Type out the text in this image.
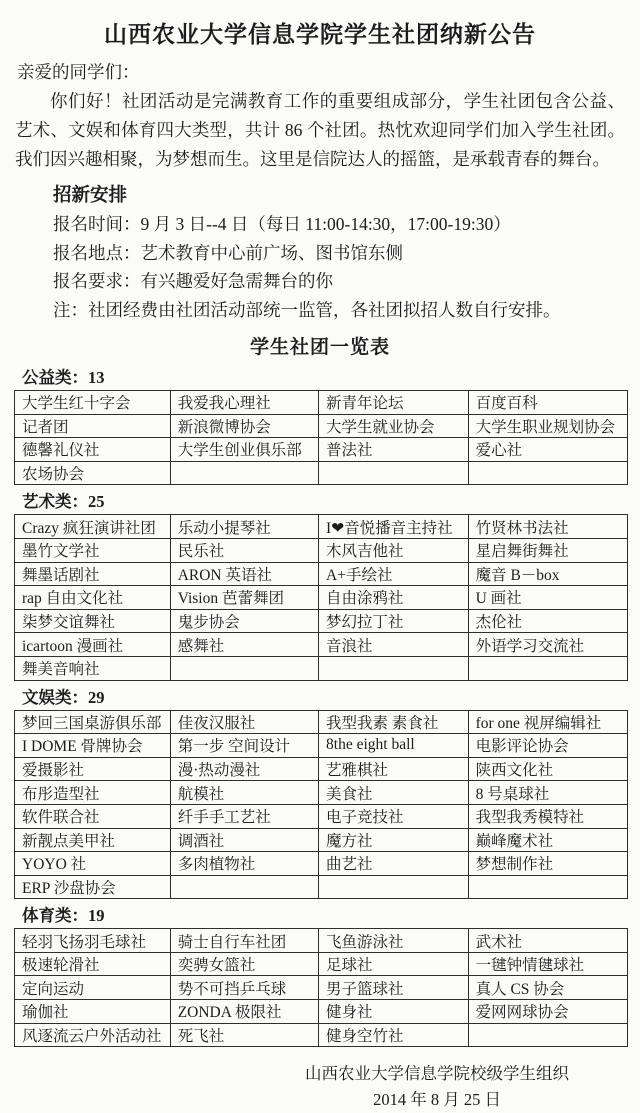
山西农业大学信息学院学生社团纳新公告

亲爱的同学们：

你们好！社团活动是完满教育工作的重要组成部分，学生社团包含公益、艺术、文娱和体育四大类型，共计 86 个社团。热忱欢迎同学们加入学生社团。我们因兴趣相聚，为梦想而生。这里是信院达人的摇篮，是承载青春的舞台。

招新安排

报名时间：9 月 3 日--4 日（每日 11:00-14:30，17:00-19:30）

报名地点：艺术教育中心前广场、图书馆东侧

报名要求：有兴趣爱好急需舞台的你

注：社团经费由社团活动部统一监管，各社团拟招人数自行安排。

学生社团一览表
公益类：13
大学生红十字会	我爱我心理社	新青年论坛	百度百科
记者团	新浪微博协会	大学生就业协会	大学生职业规划协会
德馨礼仪社	大学生创业俱乐部	普法社	爱心社
农场协会			
艺术类：25
Crazy 疯狂演讲社团	乐动小提琴社	I❤音悦播音主持社	竹贤林书法社
墨竹文学社	民乐社	木风吉他社	星启舞街舞社
舞墨话剧社	ARON 英语社	A+手绘社	魔音 B－box
rap 自由文化社	Vision 芭蕾舞团	自由涂鸦社	U 画社
柒梦交谊舞社	鬼步协会	梦幻拉丁社	杰伦社
icartoon 漫画社	感舞社	音浪社	外语学习交流社
舞美音响社			
文娱类：29
梦回三国桌游俱乐部	佳夜汉服社	我型我素 素食社	for one 视屏编辑社
I DOME 骨牌协会	第一步 空间设计	8the eight ball	电影评论协会
爱摄影社	漫·热动漫社	艺雅棋社	陕西文化社
布彤造型社	航模社	美食社	8 号桌球社
软件联合社	纤手手工艺社	电子竞技社	我型我秀模特社
新靓点美甲社	调酒社	魔方社	巅峰魔术社
YOYO 社	多肉植物社	曲艺社	梦想制作社
ERP 沙盘协会			
体育类：19
轻羽飞扬羽毛球社	骑士自行车社团	飞鱼游泳社	武术社
极速轮滑社	奕骋女篮社	足球社	一毽钟情毽球社
定向运动	势不可挡乒乓球	男子篮球社	真人 CS 协会
瑜伽社	ZONDA 极限社	健身社	爱网网球协会
风逐流云户外活动社	死飞社	健身空竹社	
山西农业大学信息学院校级学生组织
2014 年 8 月 25 日
